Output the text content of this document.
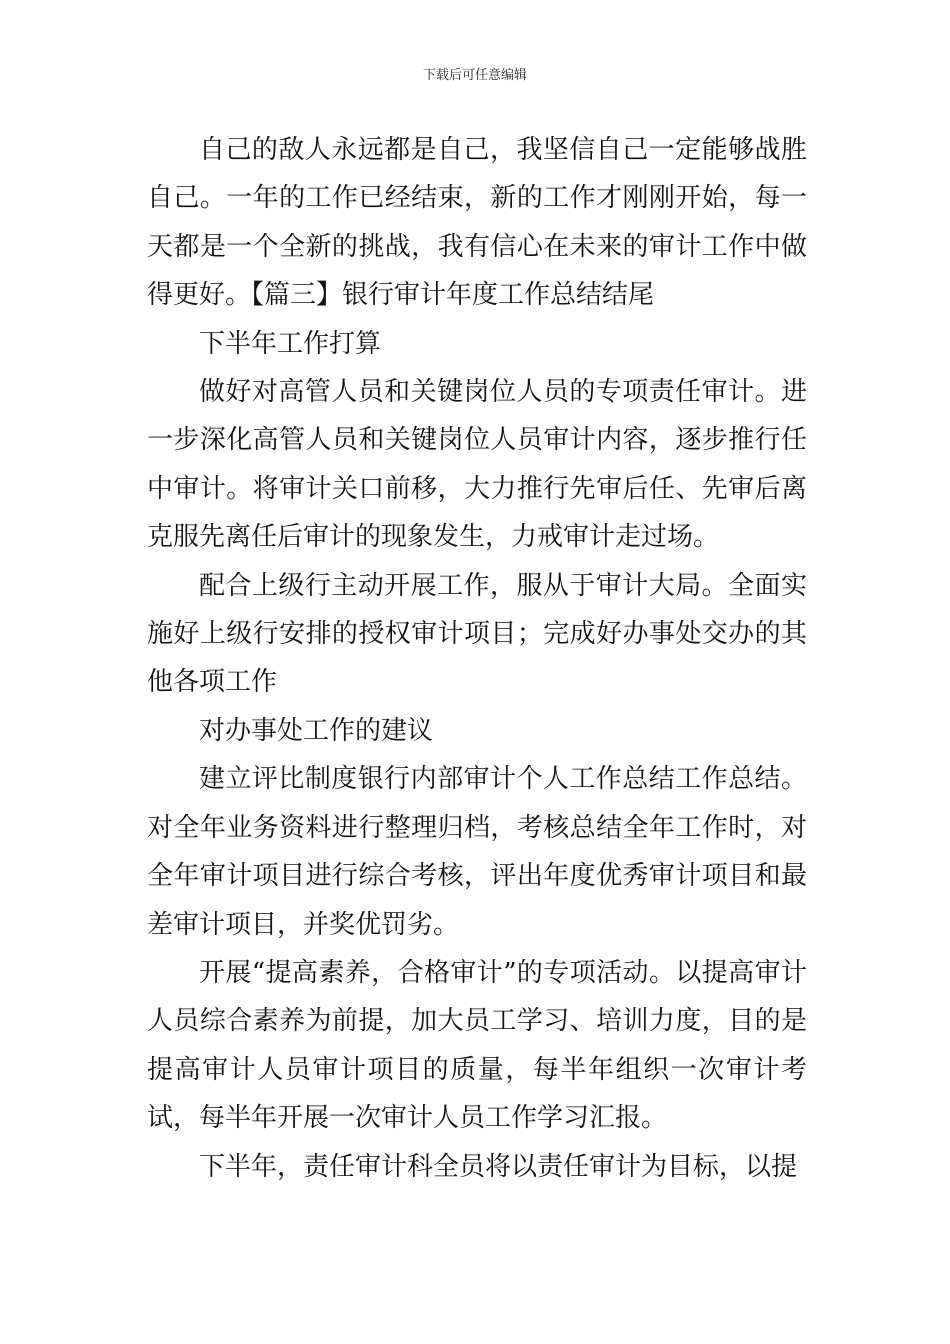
下载后可任意编辑

自己的敌人永远都是自己，我坚信自己一定能够战胜自己。一年的工作已经结束，新的工作才刚刚开始，每一天都是一个全新的挑战，我有信心在未来的审计工作中做得更好。【篇三】银行审计年度工作总结结尾

下半年工作打算

做好对高管人员和关键岗位人员的专项责任审计。进一步深化高管人员和关键岗位人员审计内容，逐步推行任中审计。将审计关口前移，大力推行先审后任、先审后离克服先离任后审计的现象发生，力戒审计走过场。

配合上级行主动开展工作，服从于审计大局。全面实施好上级行安排的授权审计项目；完成好办事处交办的其他各项工作

对办事处工作的建议

建立评比制度银行内部审计个人工作总结工作总结。对全年业务资料进行整理归档，考核总结全年工作时，对全年审计项目进行综合考核，评出年度优秀审计项目和最差审计项目，并奖优罚劣。

开展“提高素养，合格审计”的专项活动。以提高审计人员综合素养为前提，加大员工学习、培训力度，目的是提高审计人员审计项目的质量，每半年组织一次审计考试，每半年开展一次审计人员工作学习汇报。

下半年，责任审计科全员将以责任审计为目标，以提
